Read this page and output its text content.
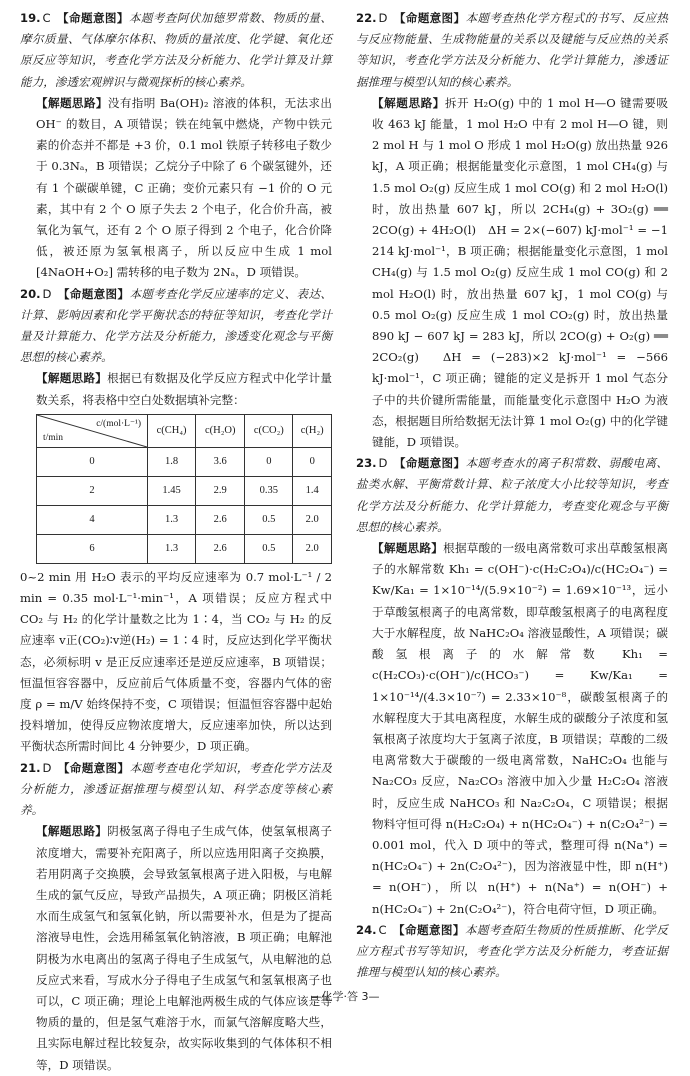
19. C 【命题意图】本题考查阿伏加德罗常数、物质的量、摩尔质量、气体摩尔体积、物质的量浓度、化学键、氧化还原反应等知识，考查化学方法及分析能力、化学计算及计算能力，渗透宏观辨识与微观探析的核心素养。

【解题思路】没有指明 Ba(OH)₂ 溶液的体积，无法求出 OH⁻ 的数目，A 项错误；铁在纯氧中燃烧，产物中铁元素的价态并不都是 +3 价，0.1 mol 铁原子转移电子数少于 0.3Nₐ，B 项错误；乙烷分子中除了 6 个碳氢键外，还有 1 个碳碳单键，C 正确；变价元素只有 −1 价的 O 元素，其中有 2 个 O 原子失去 2 个电子，化合价升高，被氧化为氧气，还有 2 个 O 原子得到 2 个电子，化合价降低，被还原为氢氧根离子，所以反应中生成 1 mol [4NaOH+O₂] 需转移的电子数为 2Nₐ，D 项错误。

20. D 【命题意图】本题考查化学反应速率的定义、表达、计算、影响因素和化学平衡状态的特征等知识，考查化学计量及计算能力、化学方法及分析能力，渗透变化观念与平衡思想的核心素养。

【解题思路】根据已有数据及化学反应方程式中化学计量数关系，将表格中空白处数据填补完整：

c/(mol·L⁻¹)
t/min	c(CH₄)	c(H₂O)	c(CO₂)	c(H₂)
0	1.8	3.6	0	0
2	1.45	2.9	0.35	1.4
4	1.3	2.6	0.5	2.0
6	1.3	2.6	0.5	2.0

0~2 min 用 H₂O 表示的平均反应速率为 0.7 mol·L⁻¹ / 2 min = 0.35 mol·L⁻¹·min⁻¹，A 项错误；反应方程式中 CO₂ 与 H₂ 的化学计量数之比为 1∶4，当 CO₂ 与 H₂ 的反应速率 v正(CO₂)∶v逆(H₂) = 1∶4 时，反应达到化学平衡状态，必须标明 v 是正反应速率还是逆反应速率，B 项错误；恒温恒容容器中，反应前后气体质量不变，容器内气体的密度 ρ = m/V 始终保持不变，C 项错误；恒温恒容容器中起始投料增加，使得反应物浓度增大，反应速率加快，所以达到平衡状态所需时间比 4 分钟要少，D 项正确。

21. D 【命题意图】本题考查电化学知识，考查化学方法及分析能力，渗透证据推理与模型认知、科学态度等核心素养。

【解题思路】阴极氢离子得电子生成气体，使氢氧根离子浓度增大，需要补充阳离子，所以应选用阳离子交换膜，若用阴离子交换膜，会导致氢氧根离子进入阳极，与电解生成的氯气反应，导致产品损失，A 项正确；阴极区消耗水而生成氢气和氢氧化钠，所以需要补水，但是为了提高溶液导电性，会选用稀氢氧化钠溶液，B 项正确；电解池阴极为水电离出的氢离子得电子生成氢气，从电解池的总反应式来看，写成水分子得电子生成氢气和氢氧根离子也可以，C 项正确；理论上电解池两极生成的气体应该是等物质的量的，但是氢气难溶于水，而氯气溶解度略大些，且实际电解过程比较复杂，故实际收集到的气体体积不相等，D 项错误。

22. D 【命题意图】本题考查热化学方程式的书写、反应热与反应物能量、生成物能量的关系以及键能与反应热的关系等知识，考查化学方法及分析能力、化学计算能力，渗透证据推理与模型认知的核心素养。

【解题思路】拆开 H₂O(g) 中的 1 mol H—O 键需要吸收 463 kJ 能量，1 mol H₂O 中有 2 mol H—O 键，则 2 mol H 与 1 mol O 形成 1 mol H₂O(g) 放出热量 926 kJ，A 项正确；根据能量变化示意图，1 mol CH₄(g) 与 1.5 mol O₂(g) 反应生成 1 mol CO(g) 和 2 mol H₂O(l) 时，放出热量 607 kJ，所以 2CH₄(g) + 3O₂(g) ══ 2CO(g) + 4H₂O(l)　ΔH = 2×(−607) kJ·mol⁻¹ = −1 214 kJ·mol⁻¹，B 项正确；根据能量变化示意图，1 mol CH₄(g) 与 1.5 mol O₂(g) 反应生成 1 mol CO(g) 和 2 mol H₂O(l) 时，放出热量 607 kJ，1 mol CO(g) 与 0.5 mol O₂(g) 反应生成 1 mol CO₂(g) 时，放出热量 890 kJ − 607 kJ = 283 kJ，所以 2CO(g) + O₂(g) ══ 2CO₂(g)　ΔH = (−283)×2 kJ·mol⁻¹ = −566 kJ·mol⁻¹，C 项正确；键能的定义是拆开 1 mol 气态分子中的共价键所需能量，而能量变化示意图中 H₂O 为液态，根据题目所给数据无法计算 1 mol O₂(g) 中的化学键键能，D 项错误。

23. D 【命题意图】本题考查水的离子积常数、弱酸电离、盐类水解、平衡常数计算、粒子浓度大小比较等知识，考查化学方法及分析能力、化学计算能力，考查变化观念与平衡思想的核心素养。

【解题思路】根据草酸的一级电离常数可求出草酸氢根离子的水解常数 Kh₁ = c(OH⁻)·c(H₂C₂O₄)/c(HC₂O₄⁻) = Kw/Ka₁ = 1×10⁻¹⁴/(5.9×10⁻²) = 1.69×10⁻¹³，远小于草酸氢根离子的电离常数，即草酸氢根离子的电离程度大于水解程度，故 NaHC₂O₄ 溶液显酸性，A 项错误；碳酸氢根离子的水解常数 Kh₁ = c(H₂CO₃)·c(OH⁻)/c(HCO₃⁻) = Kw/Ka₁ = 1×10⁻¹⁴/(4.3×10⁻⁷) = 2.33×10⁻⁸，碳酸氢根离子的水解程度大于其电离程度，水解生成的碳酸分子浓度和氢氧根离子浓度均大于氢离子浓度，B 项错误；草酸的二级电离常数大于碳酸的一级电离常数，NaHC₂O₄ 也能与 Na₂CO₃ 反应，Na₂CO₃ 溶液中加入少量 H₂C₂O₄ 溶液时，反应生成 NaHCO₃ 和 Na₂C₂O₄，C 项错误；根据物料守恒可得 n(H₂C₂O₄) + n(HC₂O₄⁻) + n(C₂O₄²⁻) = 0.001 mol，代入 D 项中的等式，整理可得 n(Na⁺) = n(HC₂O₄⁻) + 2n(C₂O₄²⁻)，因为溶液显中性，即 n(H⁺) = n(OH⁻)，所以 n(H⁺) + n(Na⁺) = n(OH⁻) + n(HC₂O₄⁻) + 2n(C₂O₄²⁻)，符合电荷守恒，D 项正确。

24. C 【命题意图】本题考查陌生物质的性质推断、化学反应方程式书写等知识，考查化学方法及分析能力，考查证据推理与模型认知的核心素养。

—化学·答 3—
